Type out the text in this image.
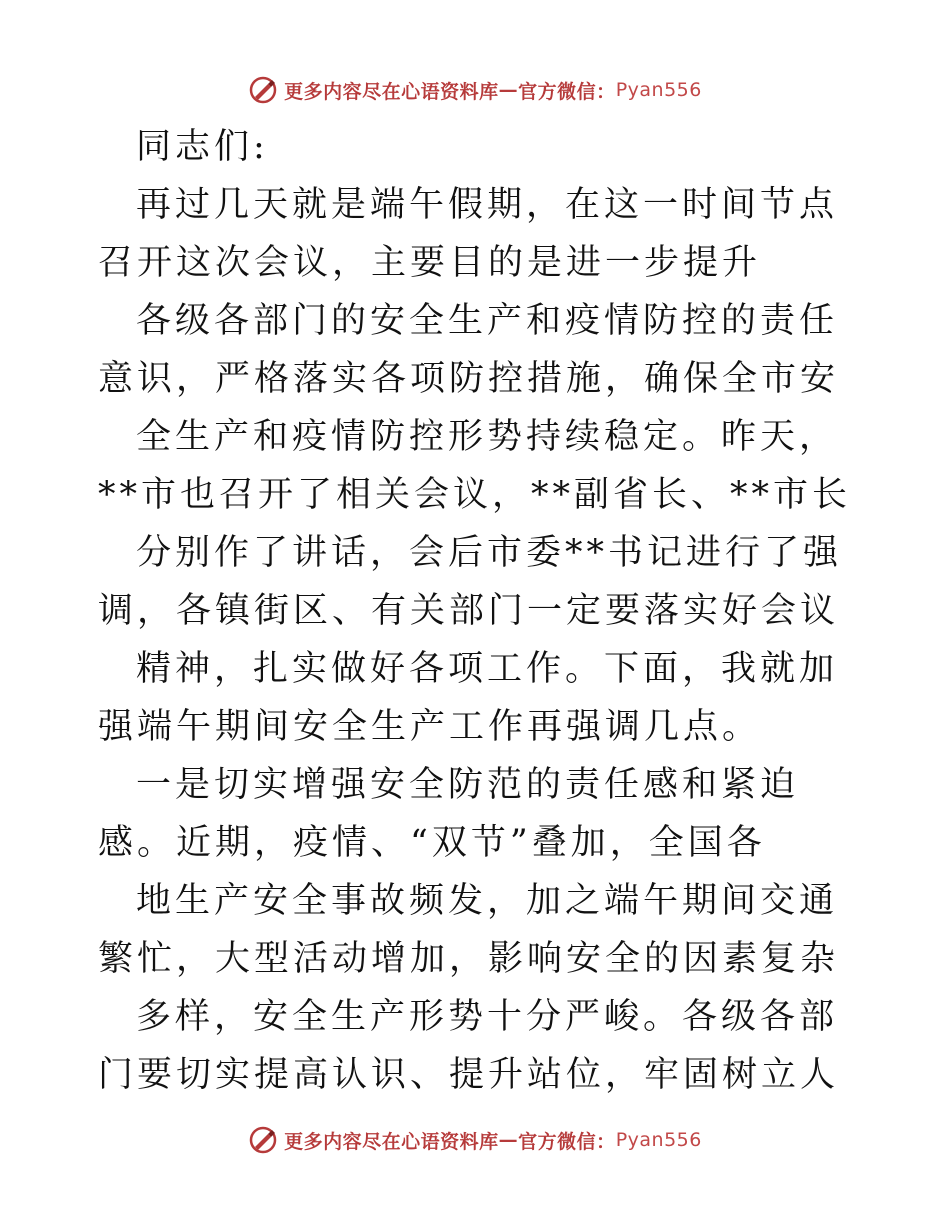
更多内容尽在心语资料库 — 官方微信： Pyan556

同志们:

再过几天就是端午假期，在这一时间节点召开这次会议，主要目的是进一步提升

各级各部门的安全生产和疫情防控的责任意识，严格落实各项防控措施，确保全市安

全生产和疫情防控形势持续稳定。昨天，**市也召开了相关会议，**副省长、**市长

分别作了讲话，会后市委**书记进行了强调，各镇街区、有关部门一定要落实好会议

精神，扎实做好各项工作。下面，我就加强端午期间安全生产工作再强调几点。

一是切实增强安全防范的责任感和紧迫感。近期，疫情、“双节”叠加，全国各

地生产安全事故频发，加之端午期间交通繁忙，大型活动增加，影响安全的因素复杂

多样，安全生产形势十分严峻。各级各部门要切实提高认识、提升站位，牢固树立人

更多内容尽在心语资料库 — 官方微信： Pyan556
